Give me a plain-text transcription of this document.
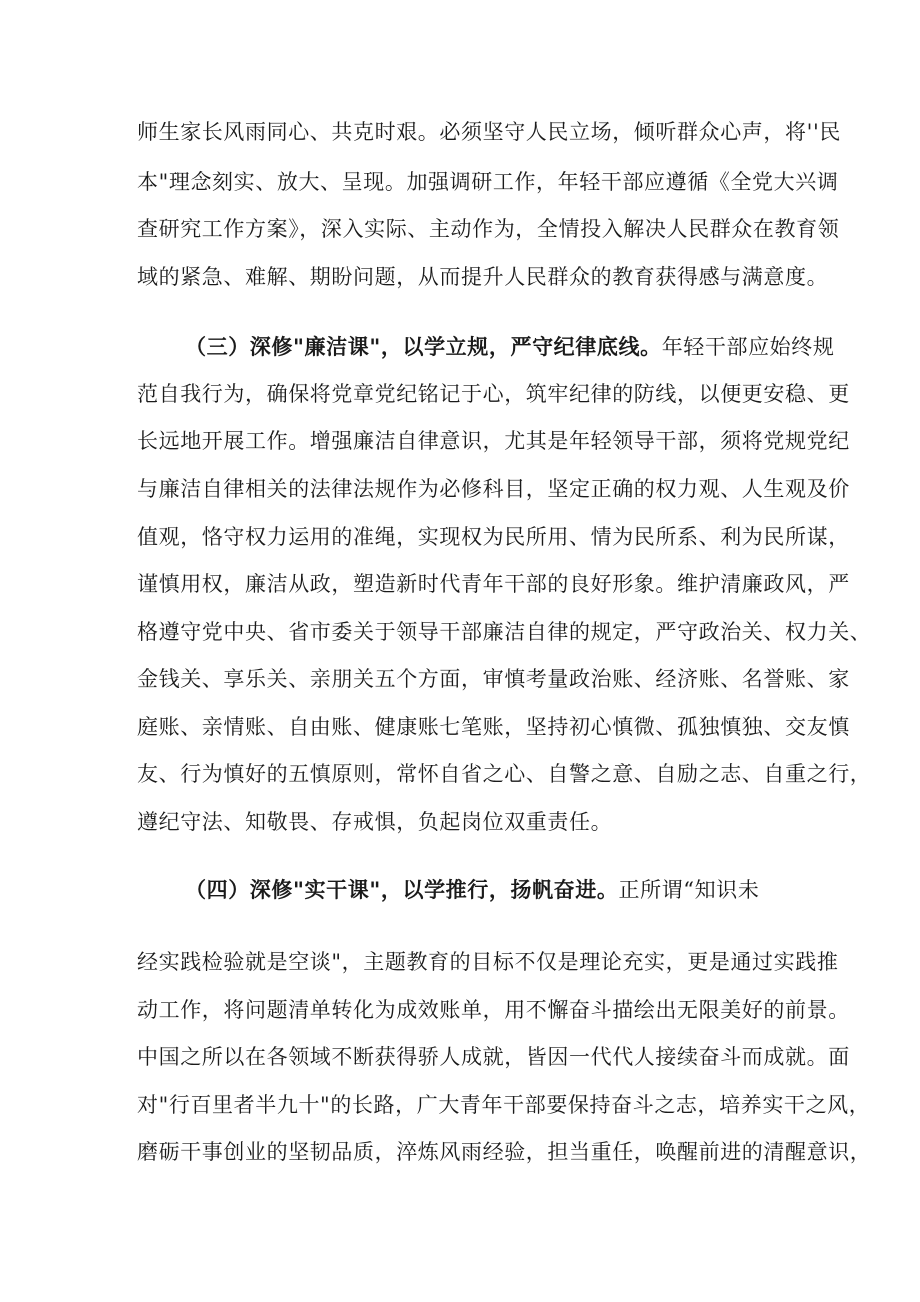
师生家长风雨同心、共克时艰。必须坚守人民立场，倾听群众心声，将''民
本"理念刻实、放大、呈现。加强调研工作，年轻干部应遵循《全党大兴调
查研究工作方案》，深入实际、主动作为，全情投入解决人民群众在教育领
域的紧急、难解、期盼问题，从而提升人民群众的教育获得感与满意度。
（三）深修"廉洁课"，以学立规，严守纪律底线。年轻干部应始终规
范自我行为，确保将党章党纪铭记于心，筑牢纪律的防线，以便更安稳、更
长远地开展工作。增强廉洁自律意识，尤其是年轻领导干部，须将党规党纪
与廉洁自律相关的法律法规作为必修科目，坚定正确的权力观、人生观及价
值观，恪守权力运用的准绳，实现权为民所用、情为民所系、利为民所谋，
谨慎用权，廉洁从政，塑造新时代青年干部的良好形象。维护清廉政风，严
格遵守党中央、省市委关于领导干部廉洁自律的规定，严守政治关、权力关、
金钱关、享乐关、亲朋关五个方面，审慎考量政治账、经济账、名誉账、家
庭账、亲情账、自由账、健康账七笔账，坚持初心慎微、孤独慎独、交友慎
友、行为慎好的五慎原则，常怀自省之心、自警之意、自励之志、自重之行，
遵纪守法、知敬畏、存戒惧，负起岗位双重责任。
（四）深修"实干课"，以学推行，扬帆奋进。正所谓“知识未
经实践检验就是空谈"，主题教育的目标不仅是理论充实，更是通过实践推
动工作，将问题清单转化为成效账单，用不懈奋斗描绘出无限美好的前景。
中国之所以在各领域不断获得骄人成就，皆因一代代人接续奋斗而成就。面
对"行百里者半九十"的长路，广大青年干部要保持奋斗之志，培养实干之风，
磨砺干事创业的坚韧品质，淬炼风雨经验，担当重任，唤醒前进的清醒意识，
